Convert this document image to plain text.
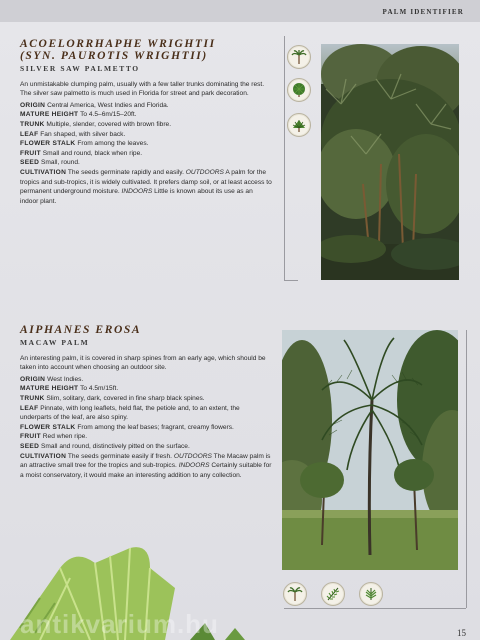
PALM IDENTIFIER

ACOELORRHAPHE WRIGHTII

(SYN. PAUROTIS WRIGHTII)

SILVER SAW PALMETTO

An unmistakable clumping palm, usually with a few taller trunks dominating the rest. The silver saw palmetto is much used in Florida for street and park decoration.

ORIGIN Central America, West Indies and Florida.

MATURE HEIGHT To 4.5–6m/15–20ft.

TRUNK Multiple, slender, covered with brown fibre.

LEAF Fan shaped, with silver back.

FLOWER STALK From among the leaves.

FRUIT Small and round, black when ripe.

SEED Small, round.

CULTIVATION The seeds germinate rapidly and easily. OUTDOORS A palm for the tropics and sub-tropics, it is widely cultivated. It prefers damp soil, or at least access to permanent underground moisture. INDOORS Little is known about its use as an indoor plant.

AIPHANES EROSA

MACAW PALM

An interesting palm, it is covered in sharp spines from an early age, which should be taken into account when choosing an outdoor site.

ORIGIN West Indies.

MATURE HEIGHT To 4.5m/15ft.

TRUNK Slim, solitary, dark, covered in fine sharp black spines.

LEAF Pinnate, with long leaflets, held flat, the petiole and, to an extent, the underparts of the leaf, are also spiny.

FLOWER STALK From among the leaf bases; fragrant, creamy flowers.

FRUIT Red when ripe.

SEED Small and round, distinctively pitted on the surface.

CULTIVATION The seeds germinate easily if fresh. OUTDOORS The Macaw palm is an attractive small tree for the tropics and sub-tropics. INDOORS Certainly suitable for a moist conservatory, it would make an interesting addition to any collection.

antikvarium.hu	15
